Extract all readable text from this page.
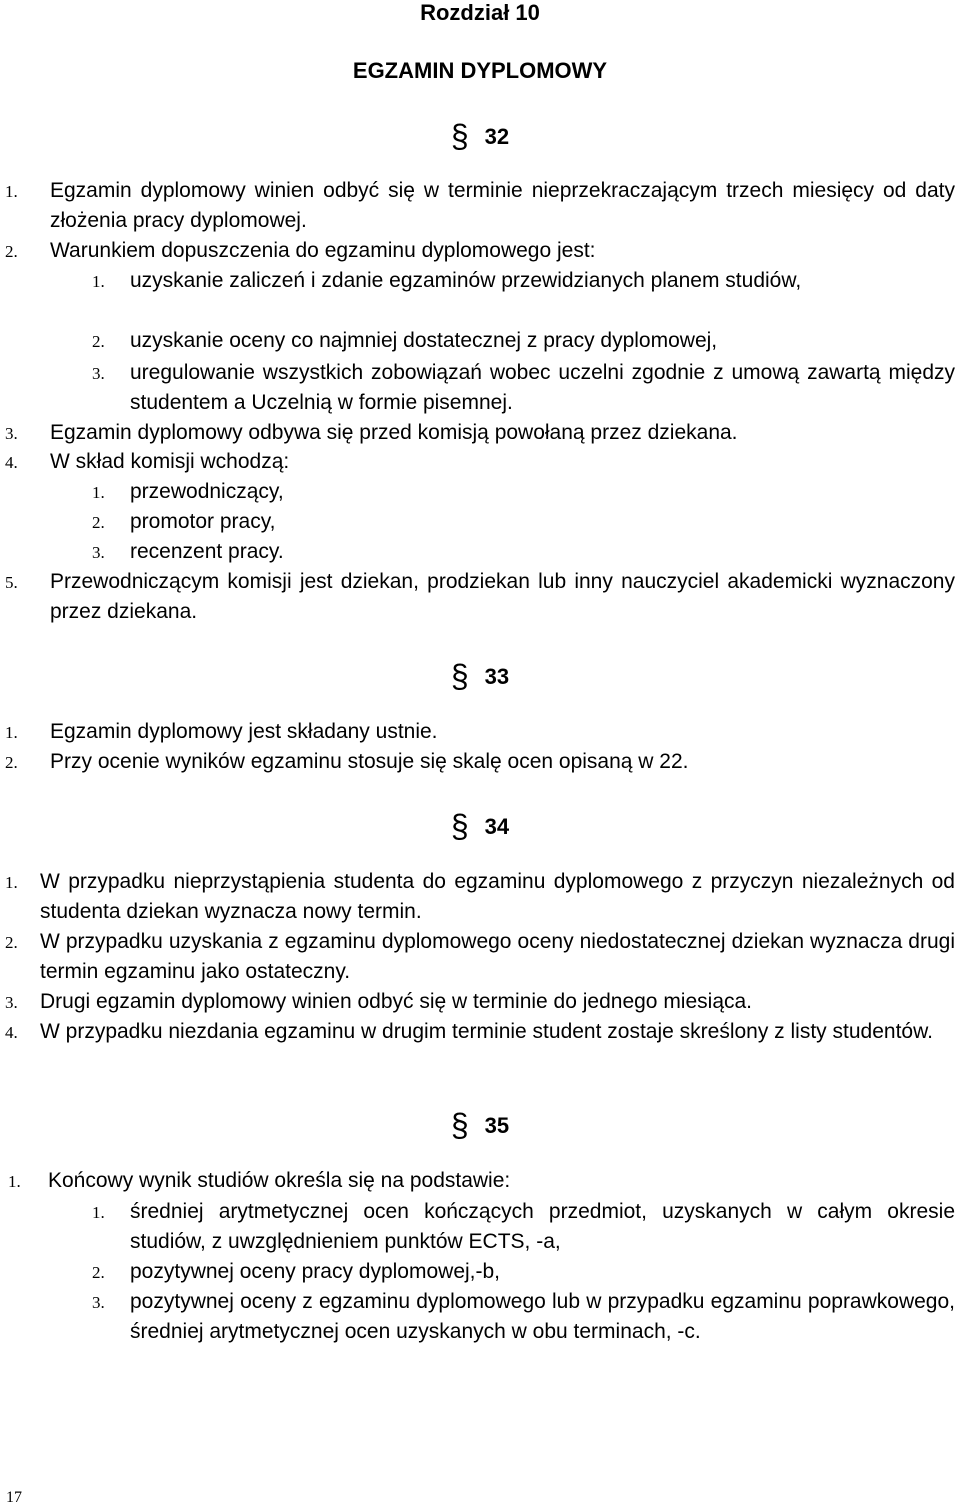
Rozdział 10
EGZAMIN DYPLOMOWY
§ 32
1. Egzamin dyplomowy winien odbyć się w terminie nieprzekraczającym trzech miesięcy od daty złożenia pracy dyplomowej.
2. Warunkiem dopuszczenia do egzaminu dyplomowego jest:
1. uzyskanie zaliczeń i zdanie egzaminów przewidzianych planem studiów,
2. uzyskanie oceny co najmniej dostatecznej z pracy dyplomowej,
3. uregulowanie wszystkich zobowiązań wobec uczelni zgodnie z umową zawartą między studentem a Uczelnią w formie pisemnej.
3. Egzamin dyplomowy odbywa się przed komisją powołaną przez dziekana.
4. W skład komisji wchodzą:
1. przewodniczący,
2. promotor pracy,
3. recenzent pracy.
5. Przewodniczącym komisji jest dziekan, prodziekan lub inny nauczyciel akademicki wyznaczony przez dziekana.
§ 33
1. Egzamin dyplomowy jest składany ustnie.
2. Przy ocenie wyników egzaminu stosuje się skalę ocen opisaną w 22.
§ 34
1. W przypadku nieprzystąpienia studenta do egzaminu dyplomowego z przyczyn niezależnych od studenta dziekan wyznacza nowy termin.
2. W przypadku uzyskania z egzaminu dyplomowego oceny niedostatecznej dziekan wyznacza drugi termin egzaminu jako ostateczny.
3. Drugi egzamin dyplomowy winien odbyć się w terminie do jednego miesiąca.
4. W przypadku niezdania egzaminu w drugim terminie student zostaje skreślony z listy studentów.
§ 35
1. Końcowy wynik studiów określa się na podstawie:
1. średniej arytmetycznej ocen kończących przedmiot, uzyskanych w całym okresie studiów, z uwzględnieniem punktów ECTS, -a,
2. pozytywnej oceny pracy dyplomowej,-b,
3. pozytywnej oceny z egzaminu dyplomowego lub w przypadku egzaminu poprawkowego, średniej arytmetycznej ocen uzyskanych w obu terminach, -c.
17
